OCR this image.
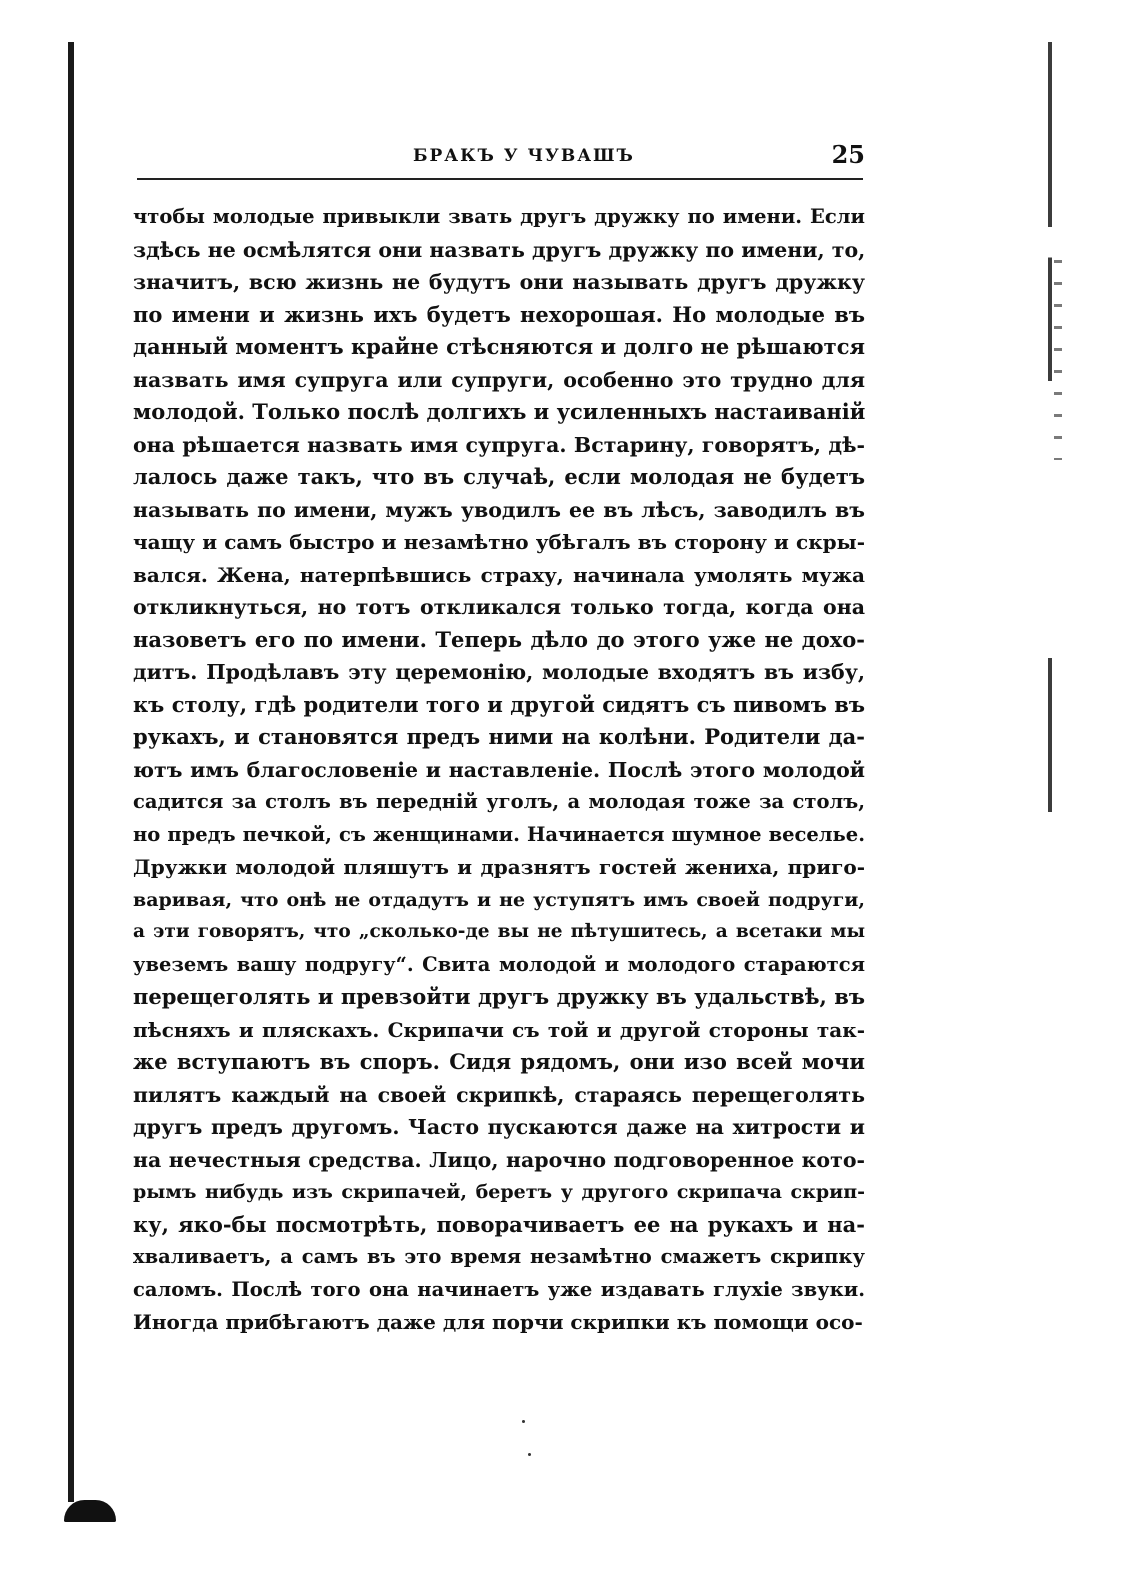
БРАКЪ У ЧУВАШЪ	25
чтобы молодые привыкли звать другъ дружку по имени. Если
здѣсь не осмѣлятся они назвать другъ дружку по имени, то,
значитъ, всю жизнь не будутъ они называть другъ дружку
по имени и жизнь ихъ будетъ нехорошая. Но молодые въ
данный моментъ крайне стѣсняются и долго не рѣшаются
назвать имя супруга или супруги, особенно это трудно для
молодой. Только послѣ долгихъ и усиленныхъ настаиванiй
она рѣшается назвать имя супруга. Встарину, говорятъ, дѣ-
лалось даже такъ, что въ случаѣ, если молодая не будетъ
называть по имени, мужъ уводилъ ее въ лѣсъ, заводилъ въ
чащу и самъ быстро и незамѣтно убѣгалъ въ сторону и скры-
вался. Жена, натерпѣвшись страху, начинала умолять мужа
откликнуться, но тотъ откликался только тогда, когда она
назоветъ его по имени. Теперь дѣло до этого уже не дохо-
дитъ. Продѣлавъ эту церемонiю, молодые входятъ въ избу,
къ столу, гдѣ родители того и другой сидятъ съ пивомъ въ
рукахъ, и становятся предъ ними на колѣни. Родители да-
ютъ имъ благословенiе и наставленiе. Послѣ этого молодой
садится за столъ въ переднiй уголъ, а молодая тоже за столъ,
но предъ печкой, съ женщинами. Начинается шумное веселье.
Дружки молодой пляшутъ и дразнятъ гостей жениха, приго-
варивая, что онѣ не отдадутъ и не уступятъ имъ своей подруги,
а эти говорятъ, что „сколько-де вы не пѣтушитесь, а всетаки мы
увеземъ вашу подругу“. Свита молодой и молодого стараются
перещеголять и превзойти другъ дружку въ удальствѣ, въ
пѣсняхъ и пляскахъ. Скрипачи съ той и другой стороны так-
же вступаютъ въ споръ. Сидя рядомъ, они изо всей мочи
пилятъ каждый на своей скрипкѣ, стараясь перещеголять
другъ предъ другомъ. Часто пускаются даже на хитрости и
на нечестныя средства. Лицо, нарочно подговоренное кото-
рымъ нибудь изъ скрипачей, беретъ у другого скрипача скрип-
ку, яко-бы посмотрѣть, поворачиваетъ ее на рукахъ и на-
хваливаетъ, а самъ въ это время незамѣтно смажетъ скрипку
саломъ. Послѣ того она начинаетъ уже издавать глухiе звуки.
Иногда прибѣгаютъ даже для порчи скрипки къ помощи осо-
